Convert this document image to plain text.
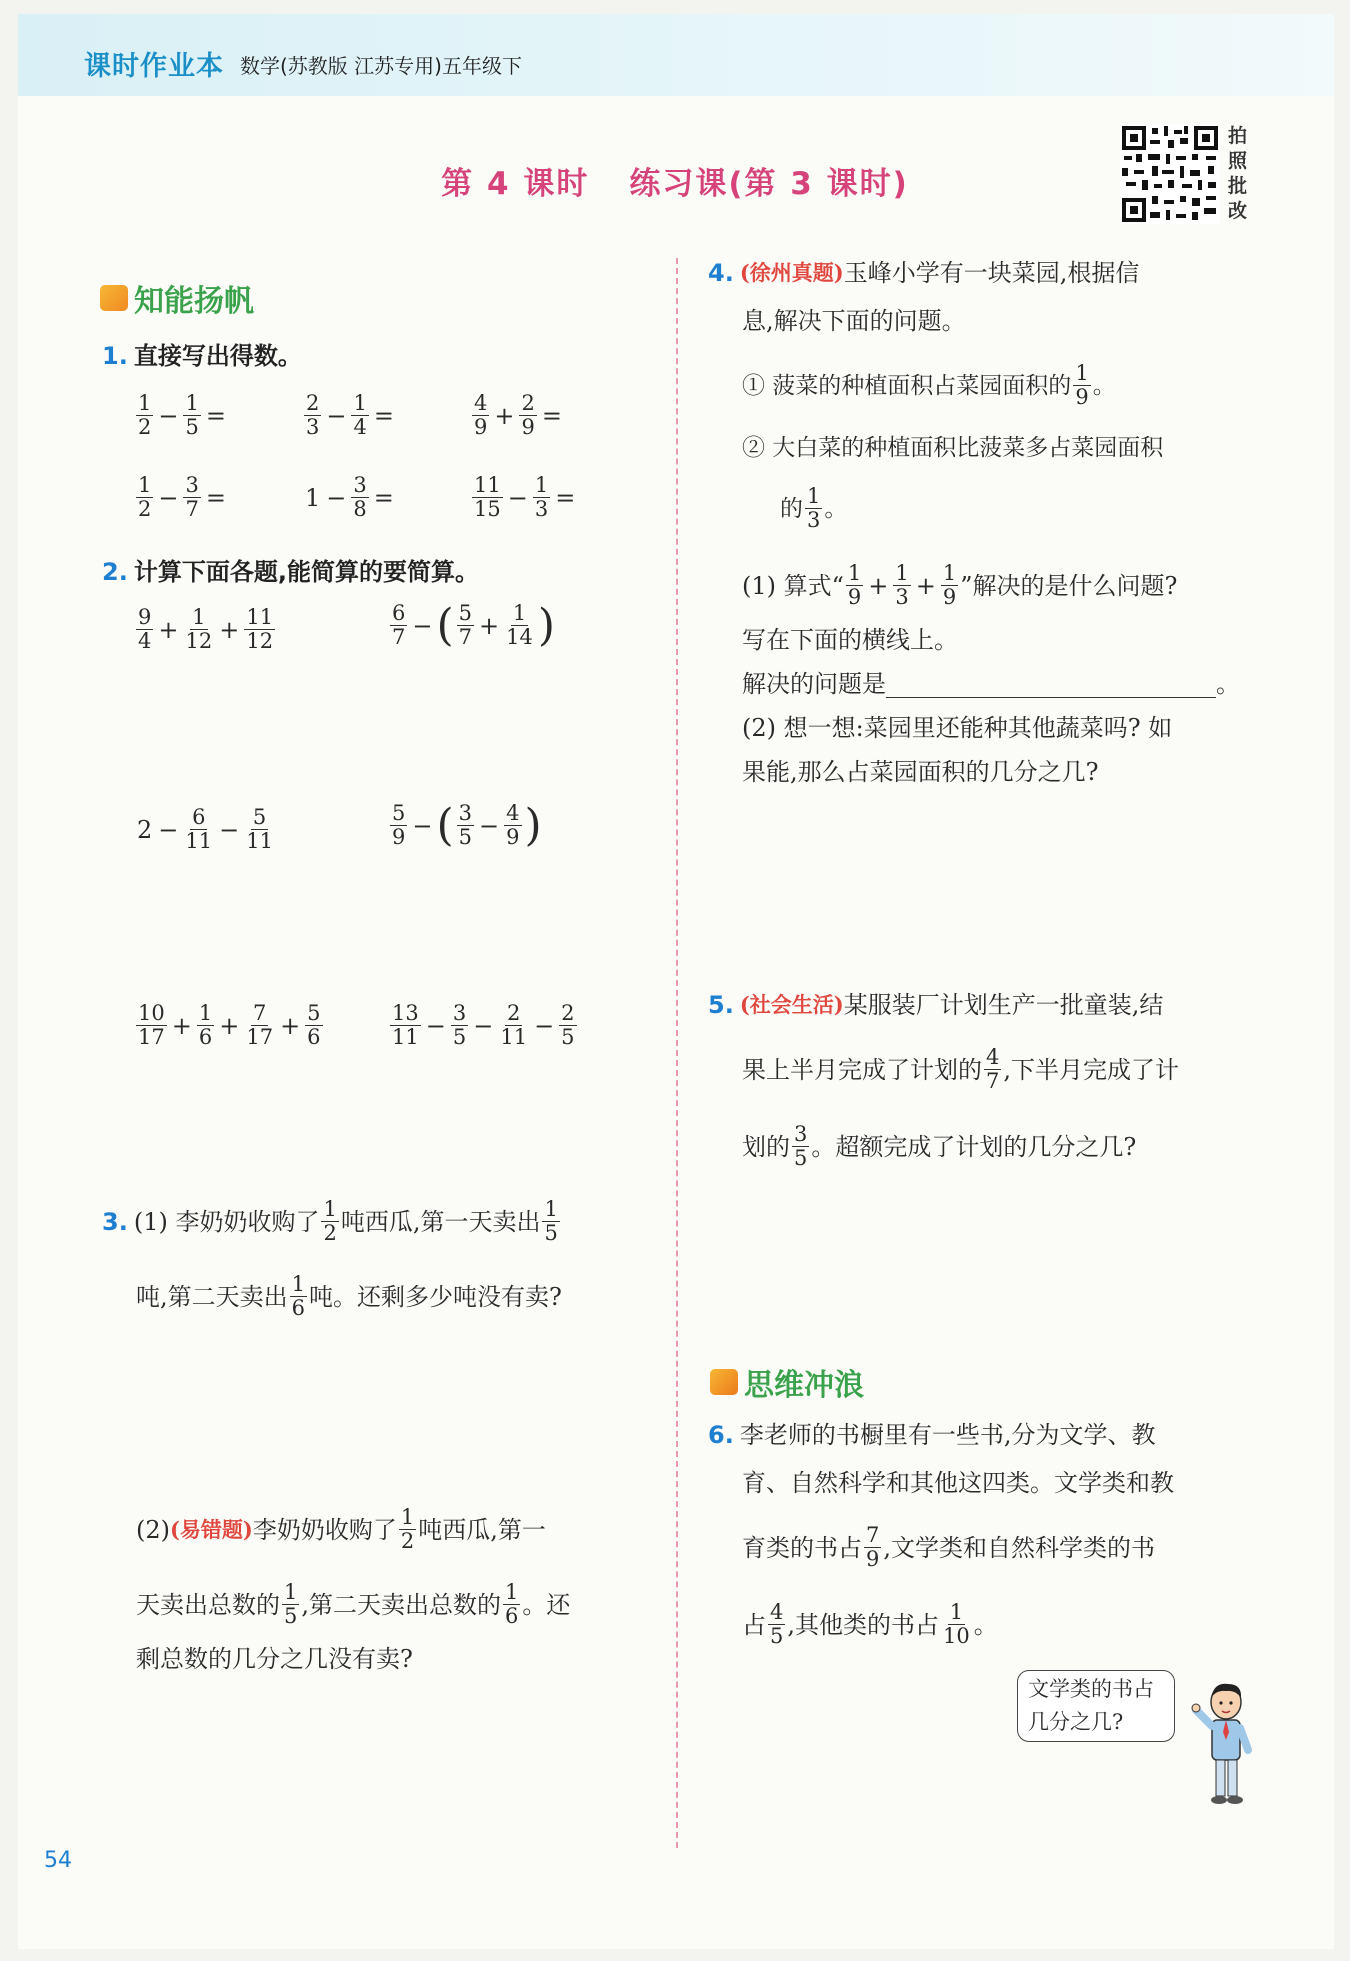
课时作业本 数学(苏教版 江苏专用)五年级下
第 4 课时 练习课(第 3 课时)
拍
照
批
改
知能扬帆
1. 直接写出得数。
$\frac{1}{2} - \frac{1}{5}$ =	$\frac{2}{3} - \frac{1}{4}$ =	$\frac{4}{9} + \frac{2}{9}$ =
$\frac{1}{2} - \frac{3}{7}$ =	$1 - \frac{3}{8}$ =	$\frac{11}{15} - \frac{1}{3}$ =
2. 计算下面各题,能简算的要简算。
$\frac{9}{4} + \frac{1}{12} + \frac{11}{12}$	$\frac{6}{7}$ − ( $\frac{5}{7} + \frac{1}{14}$ )
$2 - \frac{6}{11} - \frac{5}{11}$	$\frac{5}{9}$ − ( $\frac{3}{5} - \frac{4}{9}$ )
$\frac{10}{17} + \frac{1}{6} + \frac{7}{17} + \frac{5}{6}$	$\frac{13}{11} - \frac{3}{5} - \frac{2}{11} - \frac{2}{5}$
3. (1) 李奶奶收购了 $\frac{1}{2}$ 吨西瓜,第一天卖出 $\frac{1}{5}$
吨,第二天卖出 $\frac{1}{6}$ 吨。还剩多少吨没有卖?
(2) (易错题) 李奶奶收购了 $\frac{1}{2}$ 吨西瓜,第一
天卖出总数的 $\frac{1}{5}$ ,第二天卖出总数的 $\frac{1}{6}$ 。还
剩总数的几分之几没有卖?
4. (徐州真题) 玉峰小学有一块菜园,根据信
息,解决下面的问题。
① 菠菜的种植面积占菜园面积的 $\frac{1}{9}$ 。
② 大白菜的种植面积比菠菜多占菜园面积
的 $\frac{1}{3}$ 。
(1) 算式“ $\frac{1}{9} + \frac{1}{3} + \frac{1}{9}$ ”解决的是什么问题?
写在下面的横线上。
解决的问题是	。
(2) 想一想:菜园里还能种其他蔬菜吗? 如
果能,那么占菜园面积的几分之几?
5. (社会生活) 某服装厂计划生产一批童装,结
果上半月完成了计划的 $\frac{4}{7}$ ,下半月完成了计
划的 $\frac{3}{5}$ 。超额完成了计划的几分之几?
思维冲浪
6. 李老师的书橱里有一些书,分为文学、教
育、自然科学和其他这四类。文学类和教
育类的书占 $\frac{7}{9}$ ,文学类和自然科学类的书
占 $\frac{4}{5}$ ,其他类的书占 $\frac{1}{10}$ 。
文学类的书占
几分之几?
54
